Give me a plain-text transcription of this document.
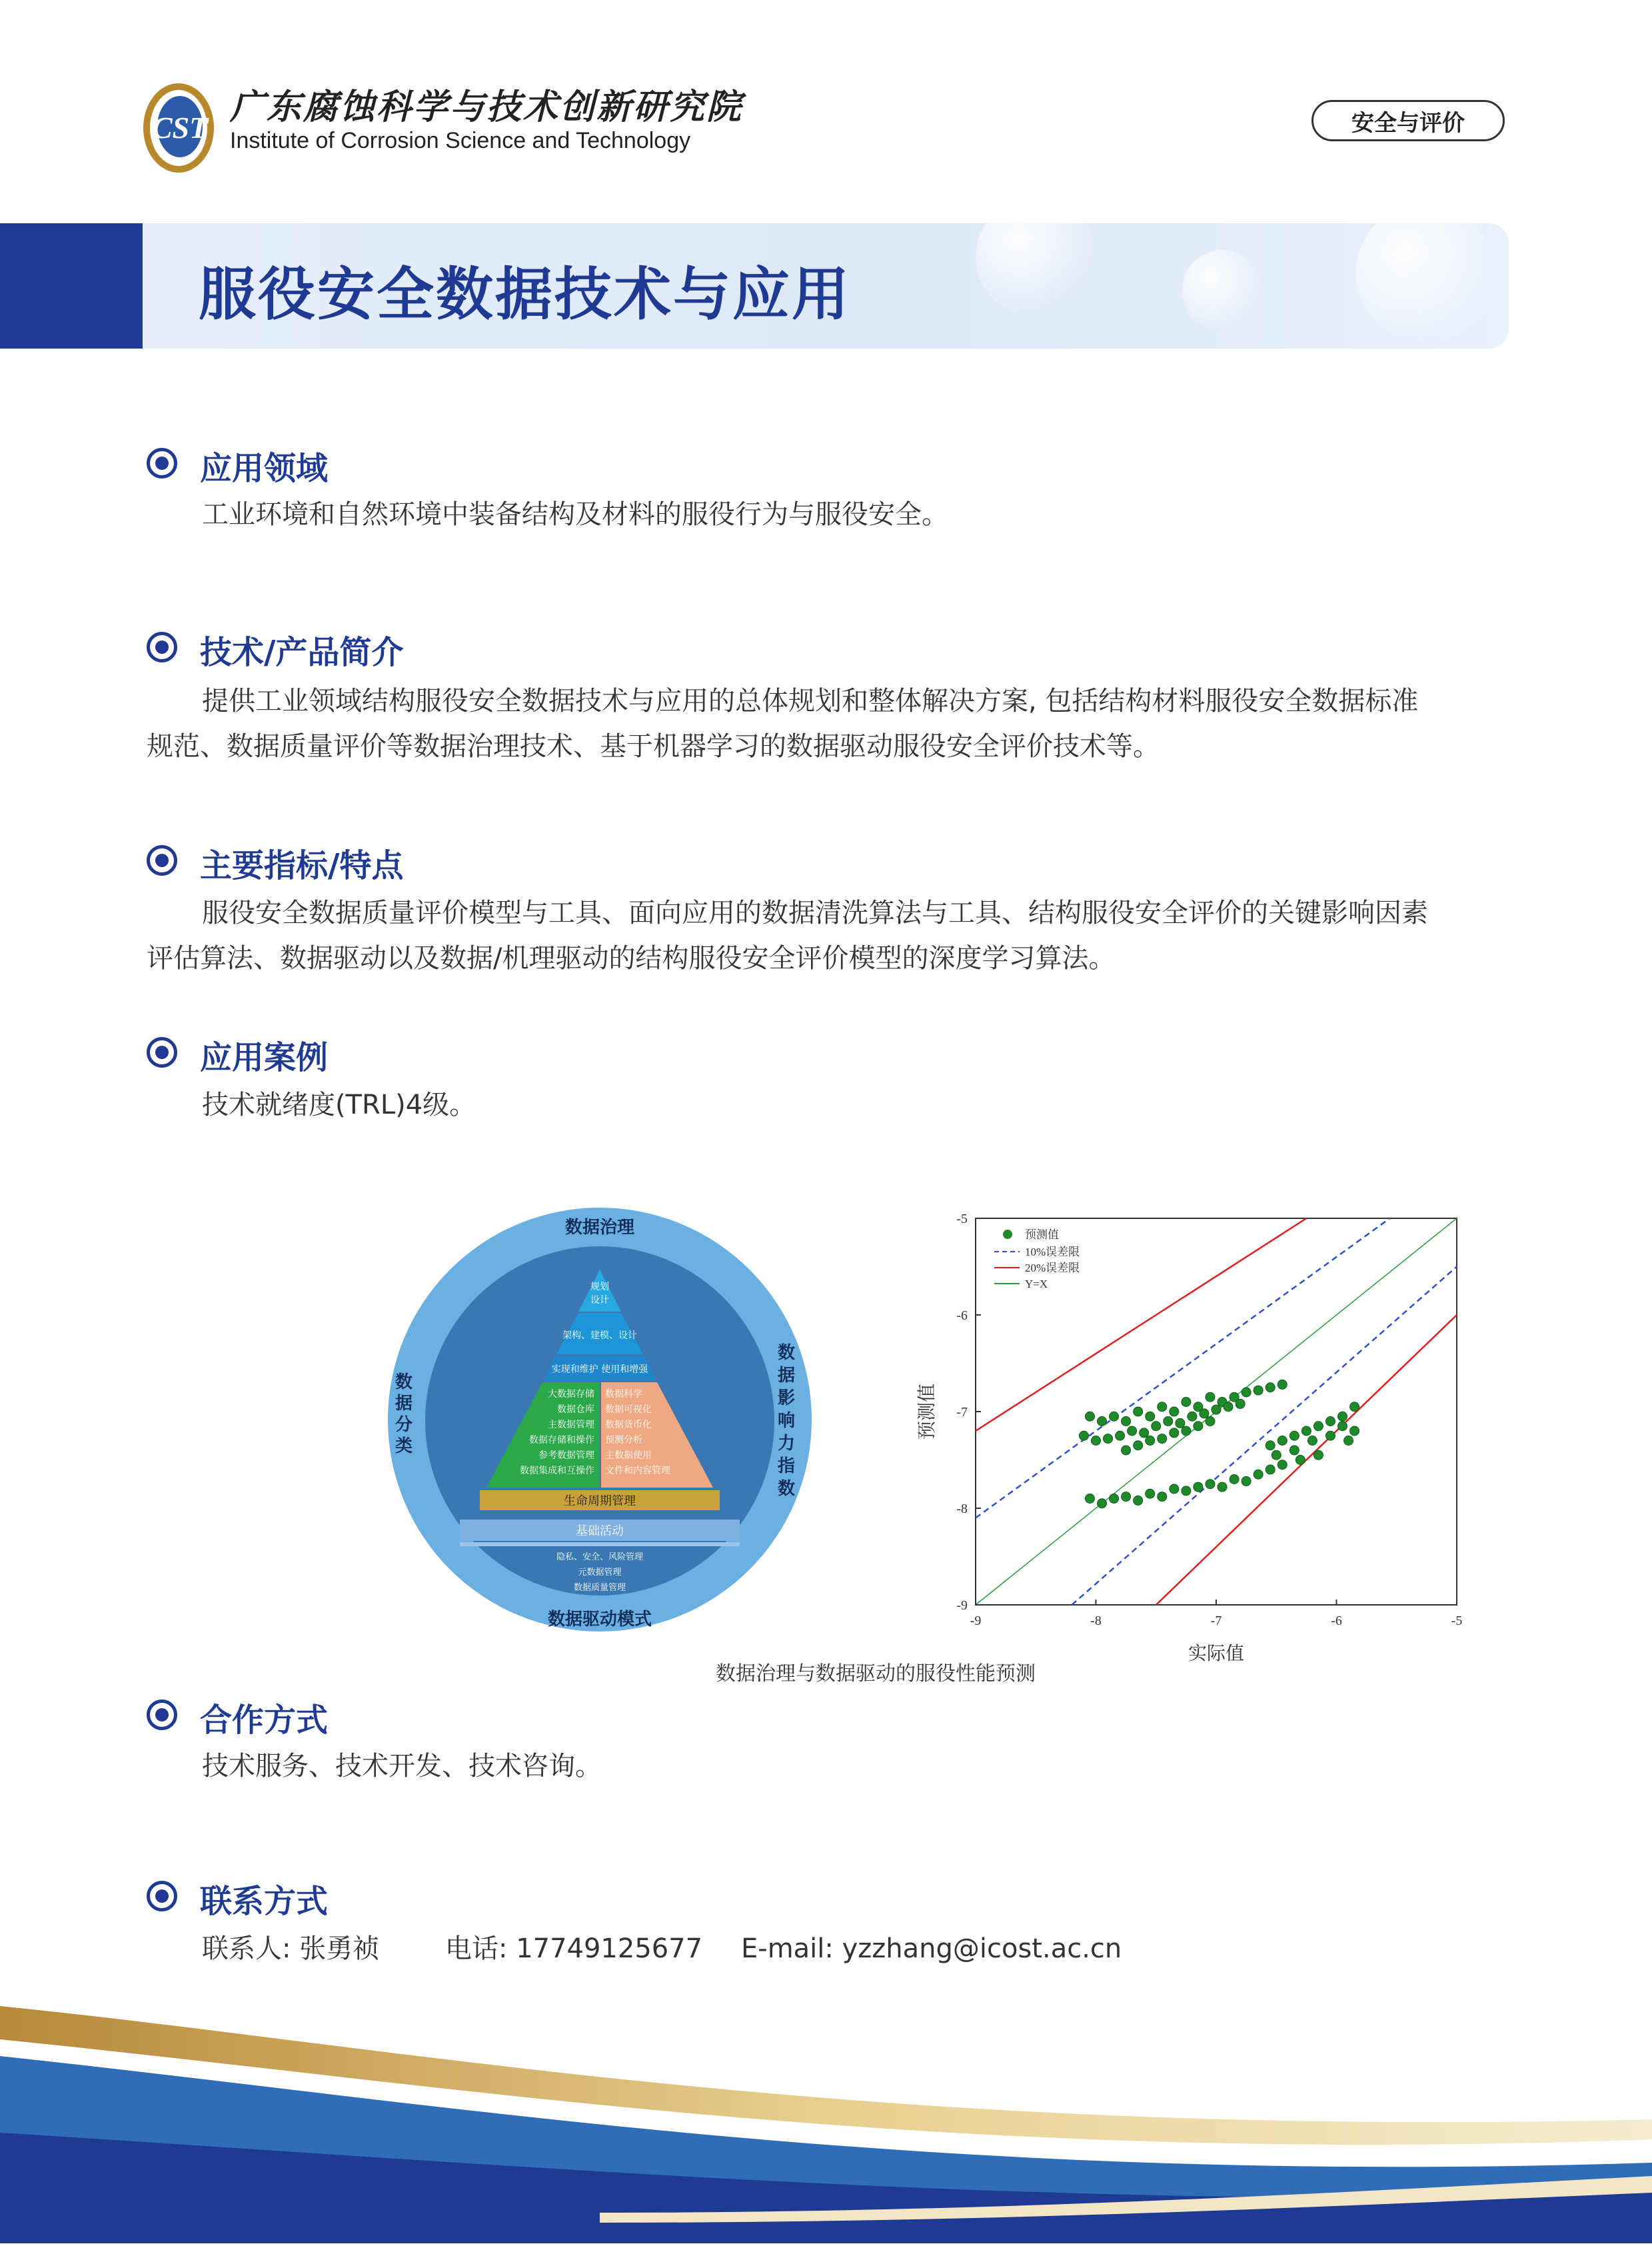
CST
广东腐蚀科学与技术创新研究院
Institute of Corrosion Science and Technology
安全与评价
服役安全数据技术与应用
应用领域
工业环境和自然环境中装备结构及材料的服役行为与服役安全。
技术/产品简介
提供工业领域结构服役安全数据技术与应用的总体规划和整体解决方案, 包括结构材料服役安全数据标准
规范、数据质量评价等数据治理技术、基于机器学习的数据驱动服役安全评价技术等。
主要指标/特点
服役安全数据质量评价模型与工具、面向应用的数据清洗算法与工具、结构服役安全评价的关键影响因素
评估算法、数据驱动以及数据/机理驱动的结构服役安全评价模型的深度学习算法。
应用案例
技术就绪度(TRL)4级。
数据治理
数据驱动模式
数
据
分
类
数
据
影
响
力
指
数
规划
设计
架构、建模、设计
实现和维护 使用和增强
大数据存储
数据仓库
主数据管理
数据存储和操作
参考数据管理
数据集成和互操作
数据科学
数据可视化
数据货币化
预测分析
主数据使用
文件和内容管理
生命周期管理
基础活动
隐私、安全、风险管理
元数据管理
数据质量管理
-9	-8	-7	-6	-5
-9
-8
-7
-6
-5
实际值
预测值
预测值
10%误差限
20%误差限
Y=X
数据治理与数据驱动的服役性能预测
合作方式
技术服务、技术开发、技术咨询。
联系方式
联系人: 张勇祯 电话: 17749125677 E-mail: yzzhang@icost.ac.cn
